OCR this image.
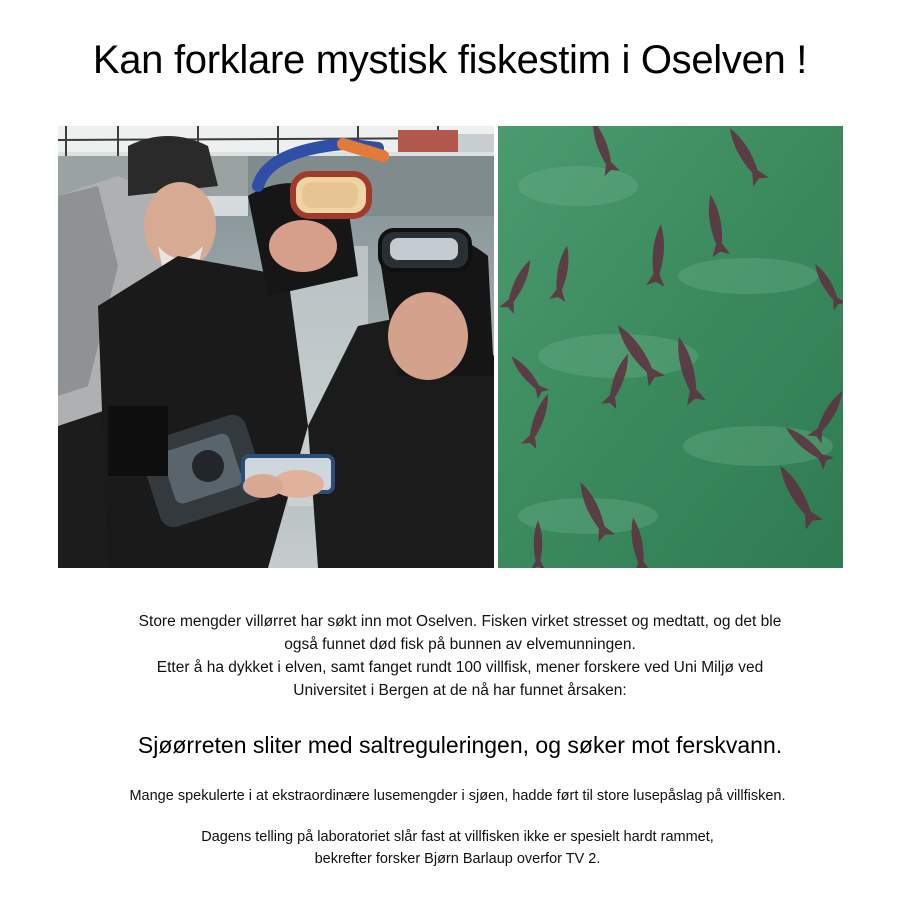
Kan forklare mystisk fiskestim i Oselven !

Store mengder villørret har søkt inn mot Oselven. Fisken virket stresset og medtatt, og det ble

også funnet død fisk på bunnen av elvemunningen.

Etter å ha dykket i elven, samt fanget rundt 100 villfisk, mener forskere ved Uni Miljø ved

Universitet i Bergen at de nå har funnet årsaken:

Sjøørreten sliter med saltreguleringen, og søker mot ferskvann.

Mange spekulerte i at ekstraordinære lusemengder i sjøen, hadde ført til store lusepåslag på villfisken.

Dagens telling på laboratoriet slår fast at villfisken ikke er spesielt hardt rammet,

bekrefter forsker Bjørn Barlaup overfor TV 2.
